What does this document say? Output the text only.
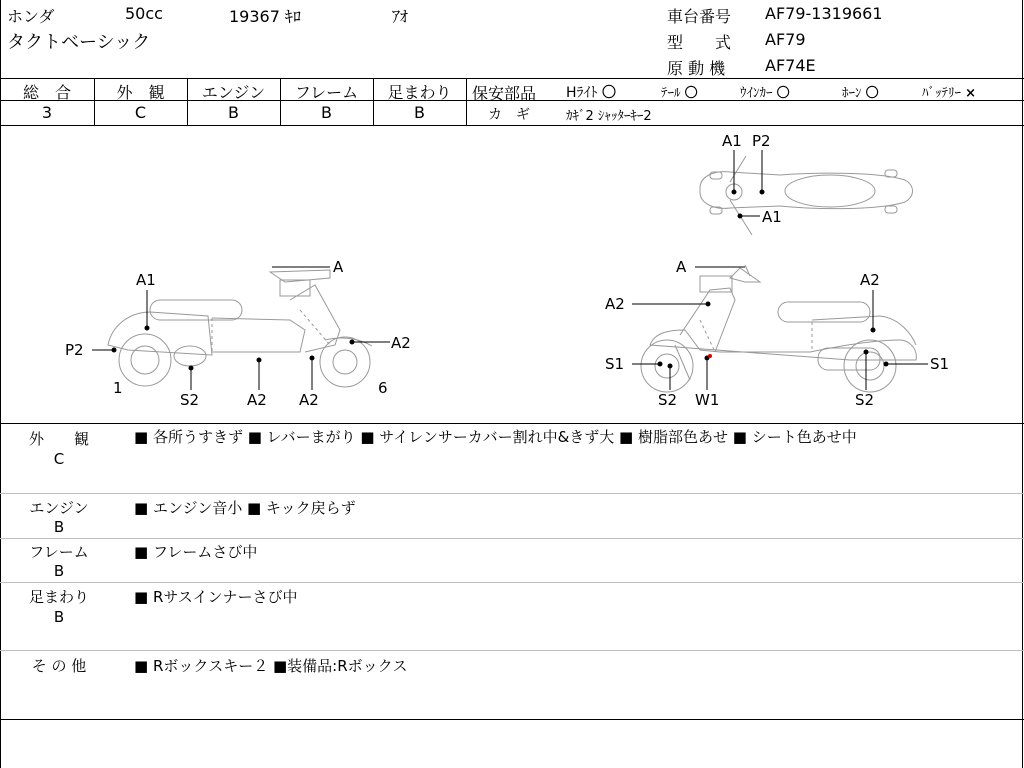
ホンダ	50cc	19367 ｷﾛ	ｱｵ
タクトベーシック
車台番号 AF79-1319661
型　　式 AF79
原 動 機 AF74E
総　合
3
外　観
C
エンジン
B
フレーム
B
足まわり
B
保安部品 Hﾗｲﾄ 〇	ﾃｰﾙ 〇	ｳｲﾝｶｰ 〇	ﾎｰﾝ 〇	ﾊﾞｯﾃﾘｰ ×
カ　ギ	ｶｷﾞ2 ｼｬｯﾀｰｷｰ2
A1 P2
A1
A
A1
P2
1
S2	A2 A2
A2
6
A
A2
A2
S1
S2 W1	S2
S1
外　　観
C
■ 各所うすきず ■ レバーまがり ■ サイレンサーカバー割れ中&きず大 ■ 樹脂部色あせ ■ シート色あせ中
エンジン
B
■ エンジン音小 ■ キック戻らず
フレーム
B
■ フレームさび中
足まわり
B
■ Rサスインナーさび中
そ の 他	■ Rボックスキー２ ■装備品:Rボックス
